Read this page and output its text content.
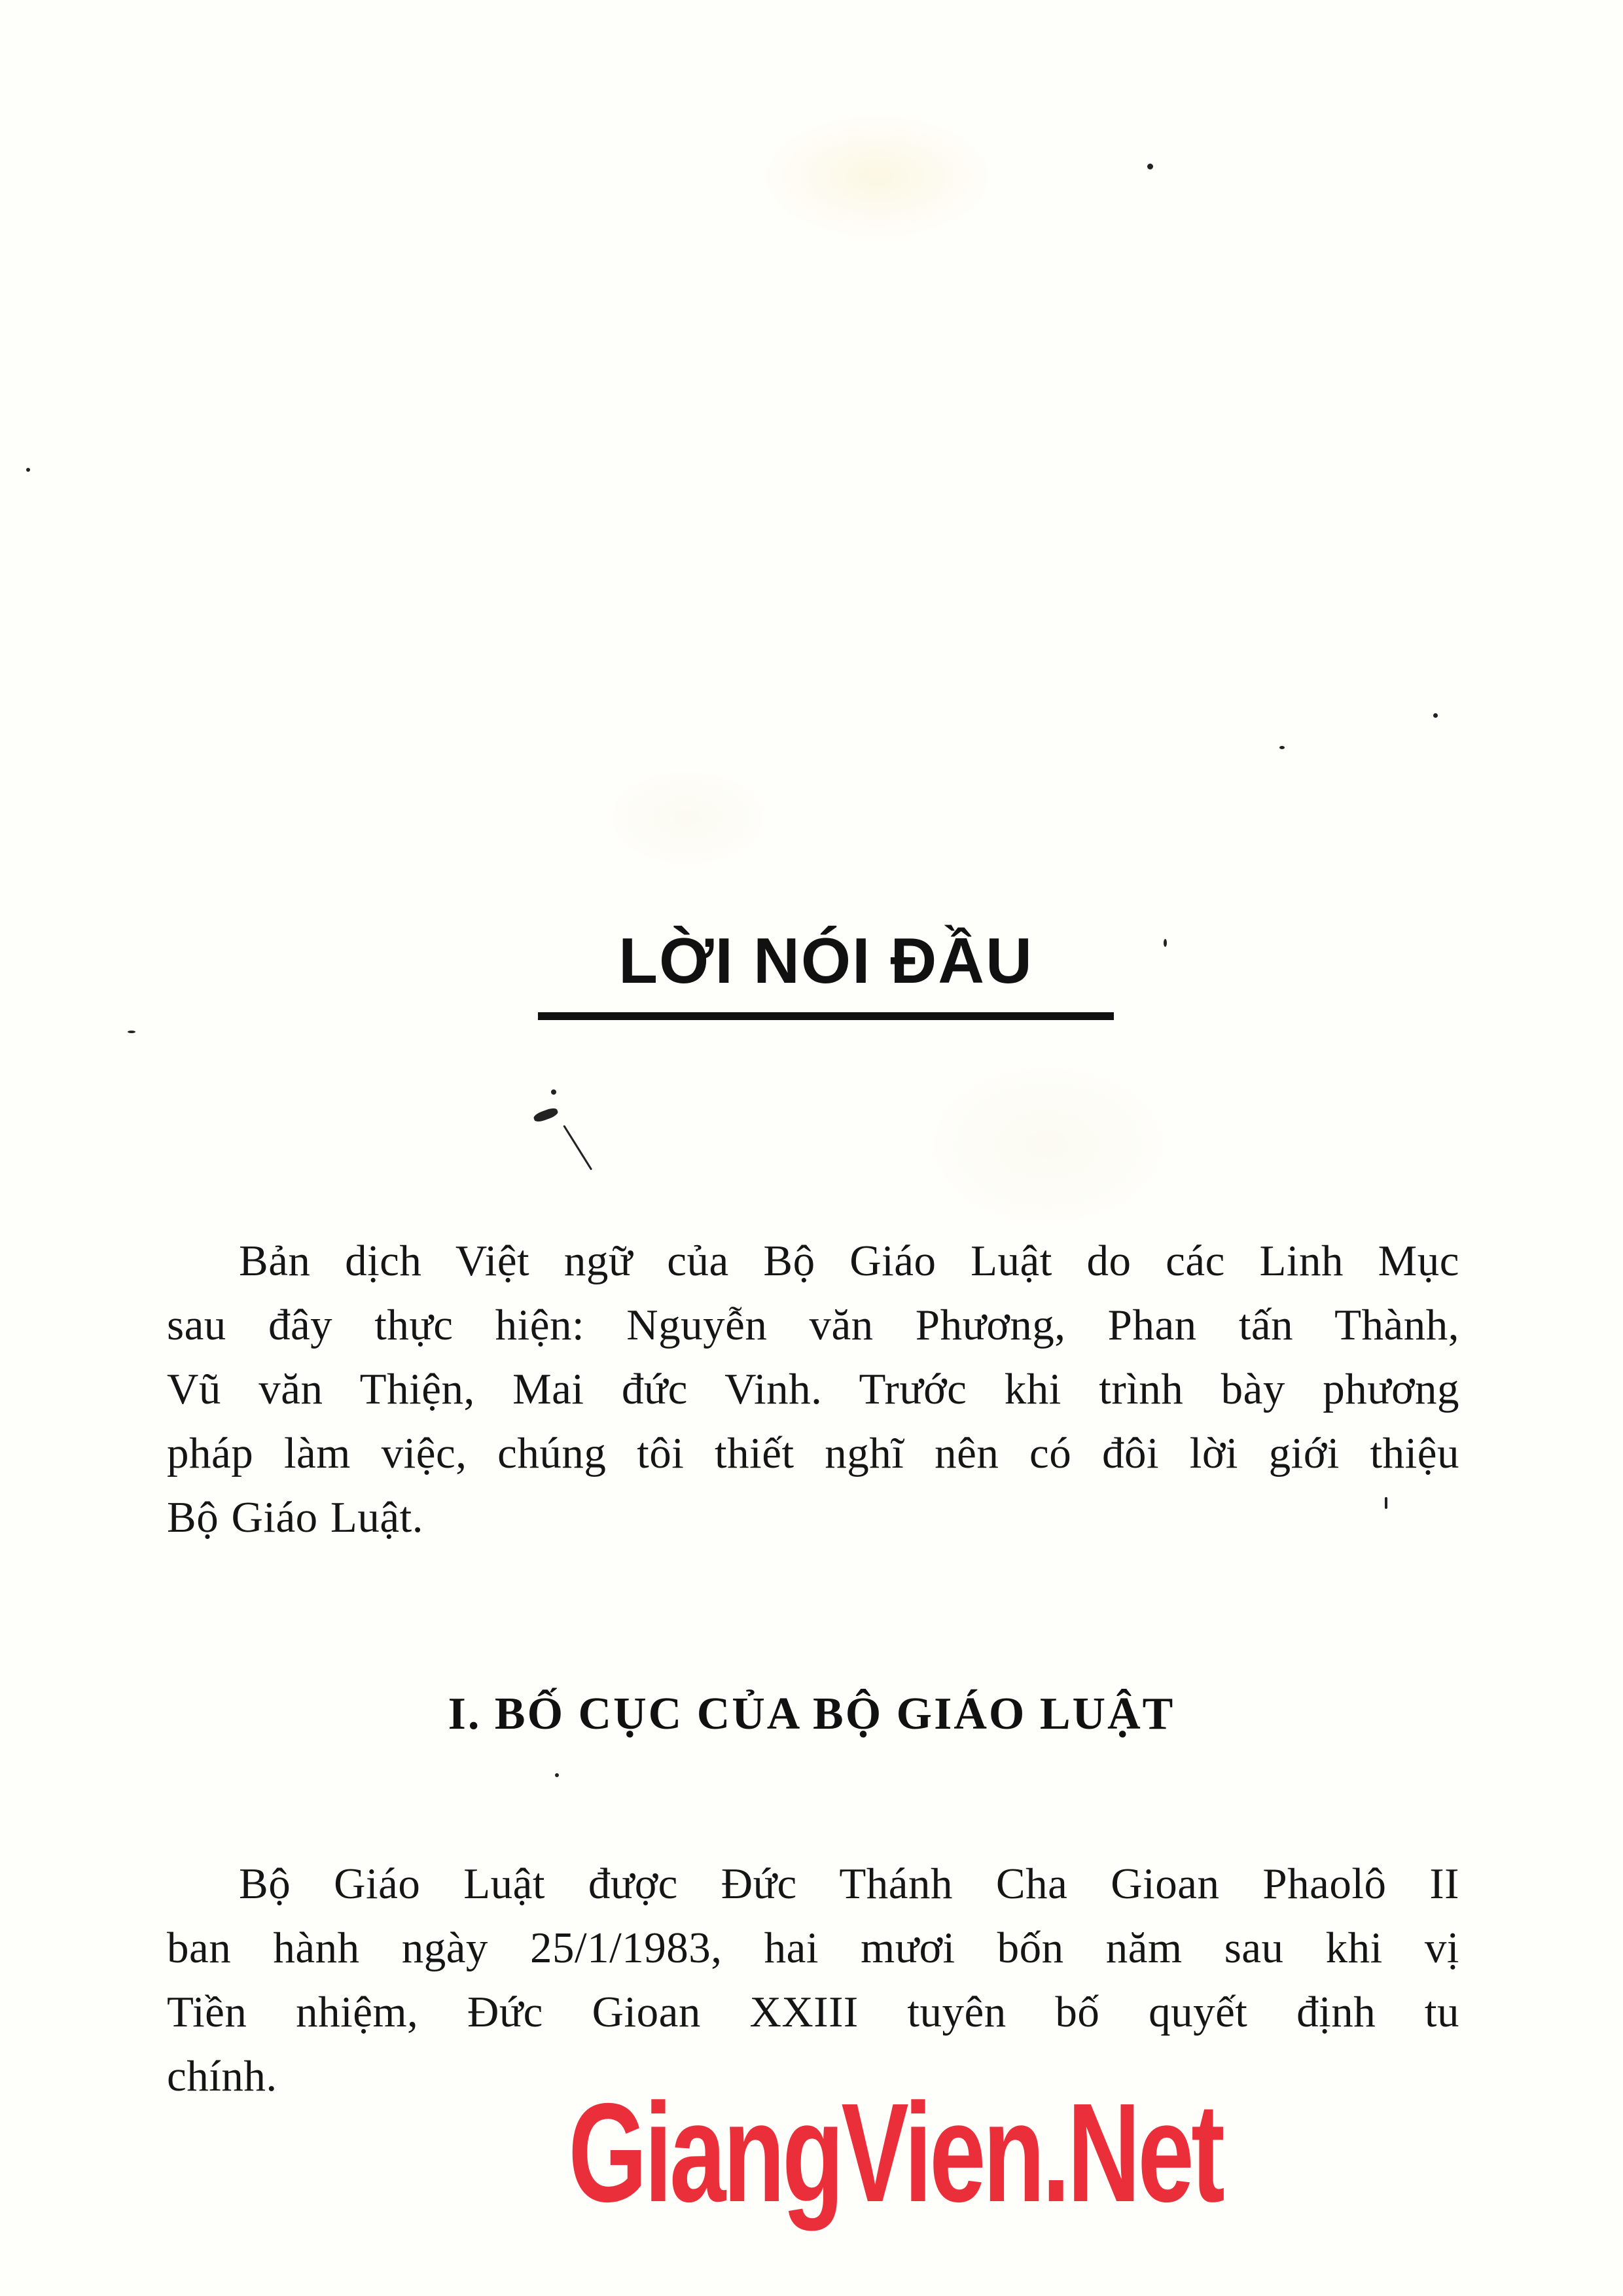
LỜI NÓI ĐẦU
Bản dịch Việt ngữ của Bộ Giáo Luật do các Linh Mục
sau đây thực hiện: Nguyễn văn Phương, Phan tấn Thành,
Vũ văn Thiện, Mai đức Vinh. Trước khi trình bày phương
pháp làm việc, chúng tôi thiết nghĩ nên có đôi lời giới thiệu
Bộ Giáo Luật.
I. BỐ CỤC CỦA BỘ GIÁO LUẬT
Bộ Giáo Luật được Đức Thánh Cha Gioan Phaolô II
ban hành ngày 25/1/1983, hai mươi bốn năm sau khi vị
Tiền nhiệm, Đức Gioan XXIII tuyên bố quyết định tu
chính.	GiangVien.Net
